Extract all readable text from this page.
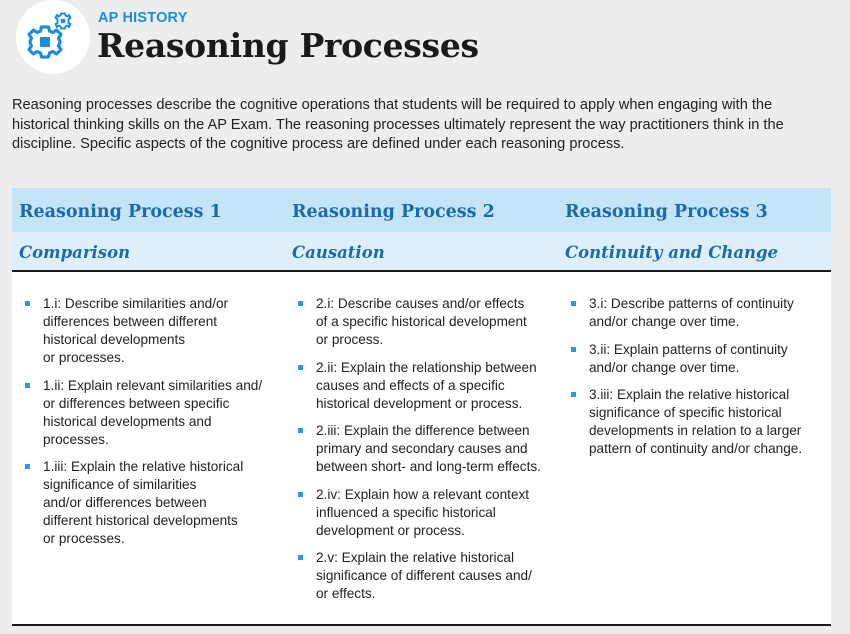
AP HISTORY
Reasoning Processes
Reasoning processes describe the cognitive operations that students will be required to apply when engaging with the
historical thinking skills on the AP Exam. The reasoning processes ultimately represent the way practitioners think in the
discipline. Specific aspects of the cognitive process are defined under each reasoning process.
Reasoning Process 1
Comparison
1.i: Describe similarities and/or
differences between different
historical developments
or processes.
1.ii: Explain relevant similarities and/
or differences between specific
historical developments and
processes.
1.iii: Explain the relative historical
significance of similarities
and/or differences between
different historical developments
or processes.
Reasoning Process 2
Causation
2.i: Describe causes and/or effects
of a specific historical development
or process.
2.ii: Explain the relationship between
causes and effects of a specific
historical development or process.
2.iii: Explain the difference between
primary and secondary causes and
between short- and long-term effects.
2.iv: Explain how a relevant context
influenced a specific historical
development or process.
2.v: Explain the relative historical
significance of different causes and/
or effects.
Reasoning Process 3
Continuity and Change
3.i: Describe patterns of continuity
and/or change over time.
3.ii: Explain patterns of continuity
and/or change over time.
3.iii: Explain the relative historical
significance of specific historical
developments in relation to a larger
pattern of continuity and/or change.
